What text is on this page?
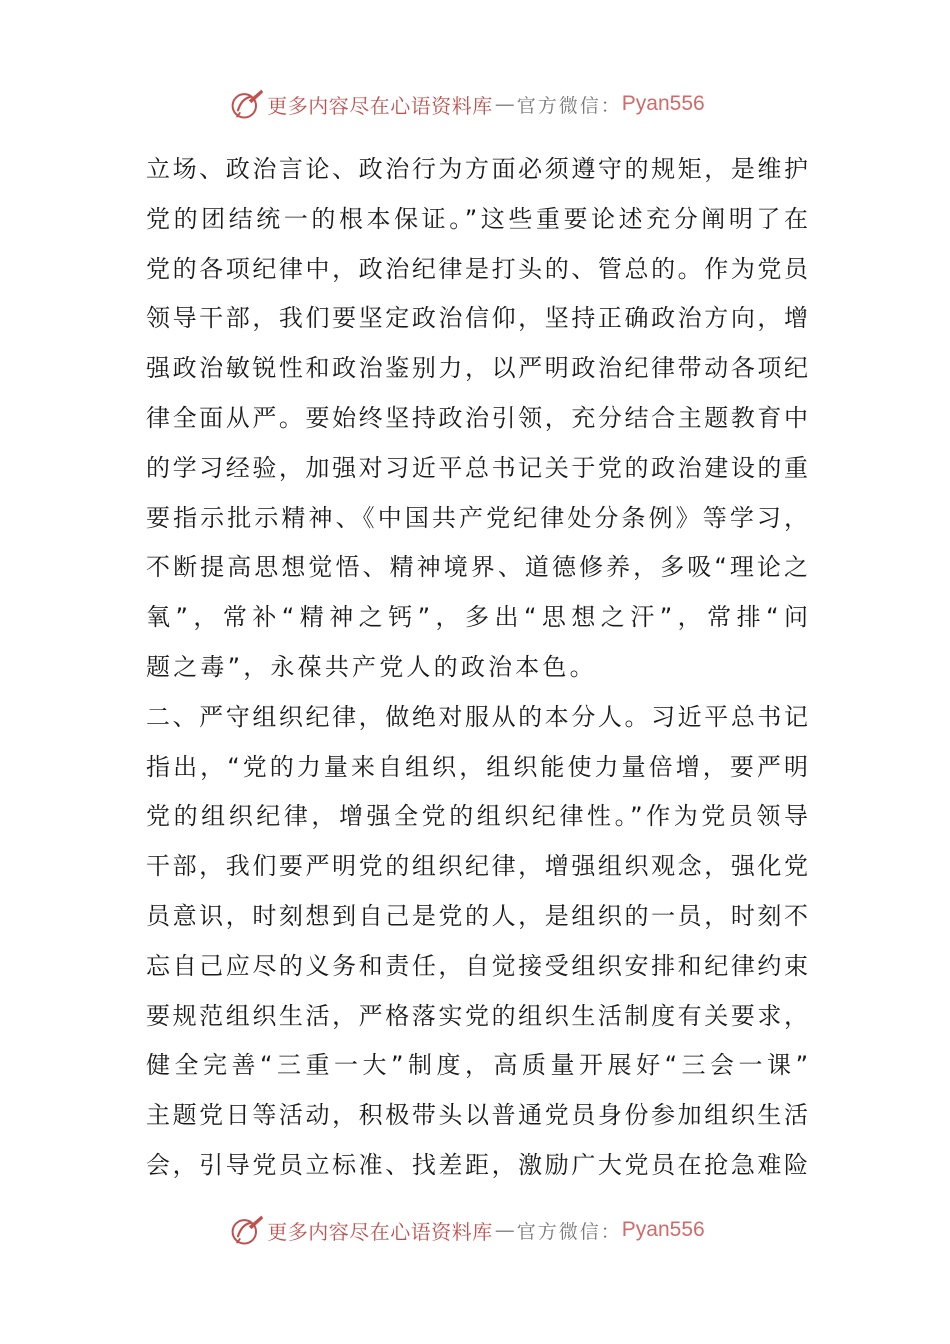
更多内容尽在心语资料库 — 官方微信： Pyan556
立场、政治言论、政治行为方面必须遵守的规矩，是维护
党的团结统一的根本保证。”这些重要论述充分阐明了在
党的各项纪律中，政治纪律是打头的、管总的。作为党员
领导干部，我们要坚定政治信仰，坚持正确政治方向，增
强政治敏锐性和政治鉴别力，以严明政治纪律带动各项纪
律全面从严。要始终坚持政治引领，充分结合主题教育中
的学习经验，加强对习近平总书记关于党的政治建设的重
要指示批示精神、《中国共产党纪律处分条例》等学习，
不断提高思想觉悟、精神境界、道德修养，多吸“理论之
氧”，常补“精神之钙”，多出“思想之汗”，常排“问
题之毒”，永葆共产党人的政治本色。
二、严守组织纪律，做绝对服从的本分人。习近平总书记
指出，“党的力量来自组织，组织能使力量倍增，要严明
党的组织纪律，增强全党的组织纪律性。”作为党员领导
干部，我们要严明党的组织纪律，增强组织观念，强化党
员意识，时刻想到自己是党的人，是组织的一员，时刻不
忘自己应尽的义务和责任，自觉接受组织安排和纪律约束
要规范组织生活，严格落实党的组织生活制度有关要求，
健全完善“三重一大”制度，高质量开展好“三会一课”
主题党日等活动，积极带头以普通党员身份参加组织生活
会，引导党员立标准、找差距，激励广大党员在抢急难险
更多内容尽在心语资料库 — 官方微信： Pyan556
